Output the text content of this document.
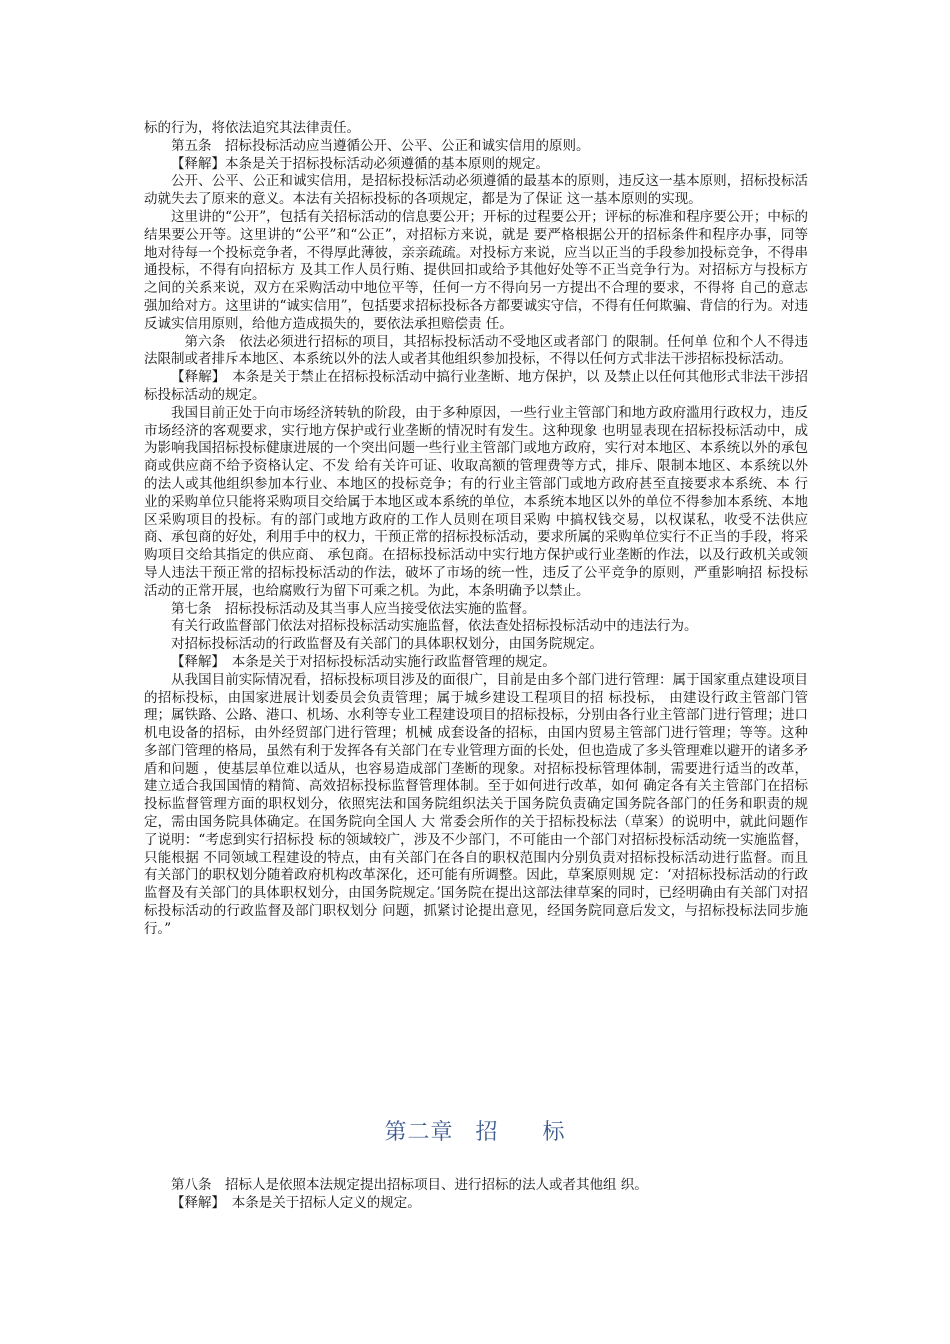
标的行为，将依法追究其法律责任。

第五条　招标投标活动应当遵循公开、公平、公正和诚实信用的原则。

【释解】本条是关于招标投标活动必须遵循的基本原则的规定。

公开、公平、公正和诚实信用，是招标投标活动必须遵循的最基本的原则，违反这一基本原则，招标投标活动就失去了原来的意义。本法有关招标投标的各项规定，都是为了保证 这一基本原则的实现。

这里讲的“公开”，包括有关招标活动的信息要公开；开标的过程要公开；评标的标准和程序要公开；中标的结果要公开等。这里讲的“公平”和“公正”，对招标方来说，就是 要严格根据公开的招标条件和程序办事，同等地对待每一个投标竞争者，不得厚此薄彼，亲亲疏疏。对投标方来说，应当以正当的手段参加投标竞争，不得串通投标，不得有向招标方 及其工作人员行贿、提供回扣或给予其他好处等不正当竞争行为。对招标方与投标方之间的关系来说，双方在采购活动中地位平等，任何一方不得向另一方提出不合理的要求，不得将 自己的意志强加给对方。这里讲的“诚实信用”，包括要求招标投标各方都要诚实守信，不得有任何欺骗、背信的行为。对违反诚实信用原则，给他方造成损失的，要依法承担赔偿责 任。

第六条　依法必须进行招标的项目，其招标投标活动不受地区或者部门 的限制。任何单 位和个人不得违法限制或者排斥本地区、本系统以外的法人或者其他组织参加投标，不得以任何方式非法干涉招标投标活动。

【释解】　本条是关于禁止在招标投标活动中搞行业垄断、地方保护，以 及禁止以任何其他形式非法干涉招标投标活动的规定。

我国目前正处于向市场经济转轨的阶段，由于多种原因，一些行业主管部门和地方政府滥用行政权力，违反市场经济的客观要求，实行地方保护或行业垄断的情况时有发生。这种现象 也明显表现在招标投标活动中，成为影响我国招标投标健康进展的一个突出问题一些行业主管部门或地方政府，实行对本地区、本系统以外的承包商或供应商不给予资格认定、不发 给有关许可证、收取高额的管理费等方式，排斥、限制本地区、本系统以外的法人或其他组织参加本行业、本地区的投标竞争；有的行业主管部门或地方政府甚至直接要求本系统、本 行业的采购单位只能将采购项目交给属于本地区或本系统的单位，本系统本地区以外的单位不得参加本系统、本地区采购项目的投标。有的部门或地方政府的工作人员则在项目采购 中搞权钱交易，以权谋私，收受不法供应商、承包商的好处，利用手中的权力，干预正常的招标投标活动，要求所属的采购单位实行不正当的手段，将采购项目交给其指定的供应商、 承包商。在招标投标活动中实行地方保护或行业垄断的作法，以及行政机关或领导人违法干预正常的招标投标活动的作法，破坏了市场的统一性，违反了公平竞争的原则，严重影响招 标投标活动的正常开展，也给腐败行为留下可乘之机。为此，本条明确予以禁止。

第七条　招标投标活动及其当事人应当接受依法实施的监督。

有关行政监督部门依法对招标投标活动实施监督，依法查处招标投标活动中的违法行为。

对招标投标活动的行政监督及有关部门的具体职权划分，由国务院规定。

【释解】　本条是关于对招标投标活动实施行政监督管理的规定。

从我国目前实际情况看，招标投标项目涉及的面很广，目前是由多个部门进行管理：属于国家重点建设项目的招标投标，由国家进展计划委员会负责管理；属于城乡建设工程项目的招 标投标， 由建设行政主管部门管理；属铁路、公路、港口、机场、水利等专业工程建设项目的招标投标，分别由各行业主管部门进行管理；进口机电设备的招标，由外经贸部门进行管理；机械 成套设备的招标，由国内贸易主管部门进行管理；等等。这种多部门管理的格局，虽然有利于发挥各有关部门在专业管理方面的长处，但也造成了多头管理难以避开的诸多矛盾和问题 ，使基层单位难以适从，也容易造成部门垄断的现象。对招标投标管理体制，需要进行适当的改革，建立适合我国国情的精简、高效招标投标监督管理体制。至于如何进行改革，如何 确定各有关主管部门在招标投标监督管理方面的职权划分，依照宪法和国务院组织法关于国务院负责确定国务院各部门的任务和职责的规定，需由国务院具体确定。在国务院向全国人 大 常委会所作的关于招标投标法（草案）的说明中，就此问题作了说明：“考虑到实行招标投 标的领域较广，涉及不少部门，不可能由一个部门对招标投标活动统一实施监督，只能根据 不同领域工程建设的特点，由有关部门在各自的职权范围内分别负责对招标投标活动进行监督。而且有关部门的职权划分随着政府机构改革深化，还可能有所调整。因此，草案原则规 定：‘对招标投标活动的行政监督及有关部门的具体职权划分，由国务院规定。’国务院在提出这部法律草案的同时，已经明确由有关部门对招标投标活动的行政监督及部门职权划分 问题，抓紧讨论提出意见，经国务院同意后发文，与招标投标法同步施行。”

第二章 招 标

第八条　招标人是依照本法规定提出招标项目、进行招标的法人或者其他组 织。

【释解】　本条是关于招标人定义的规定。
